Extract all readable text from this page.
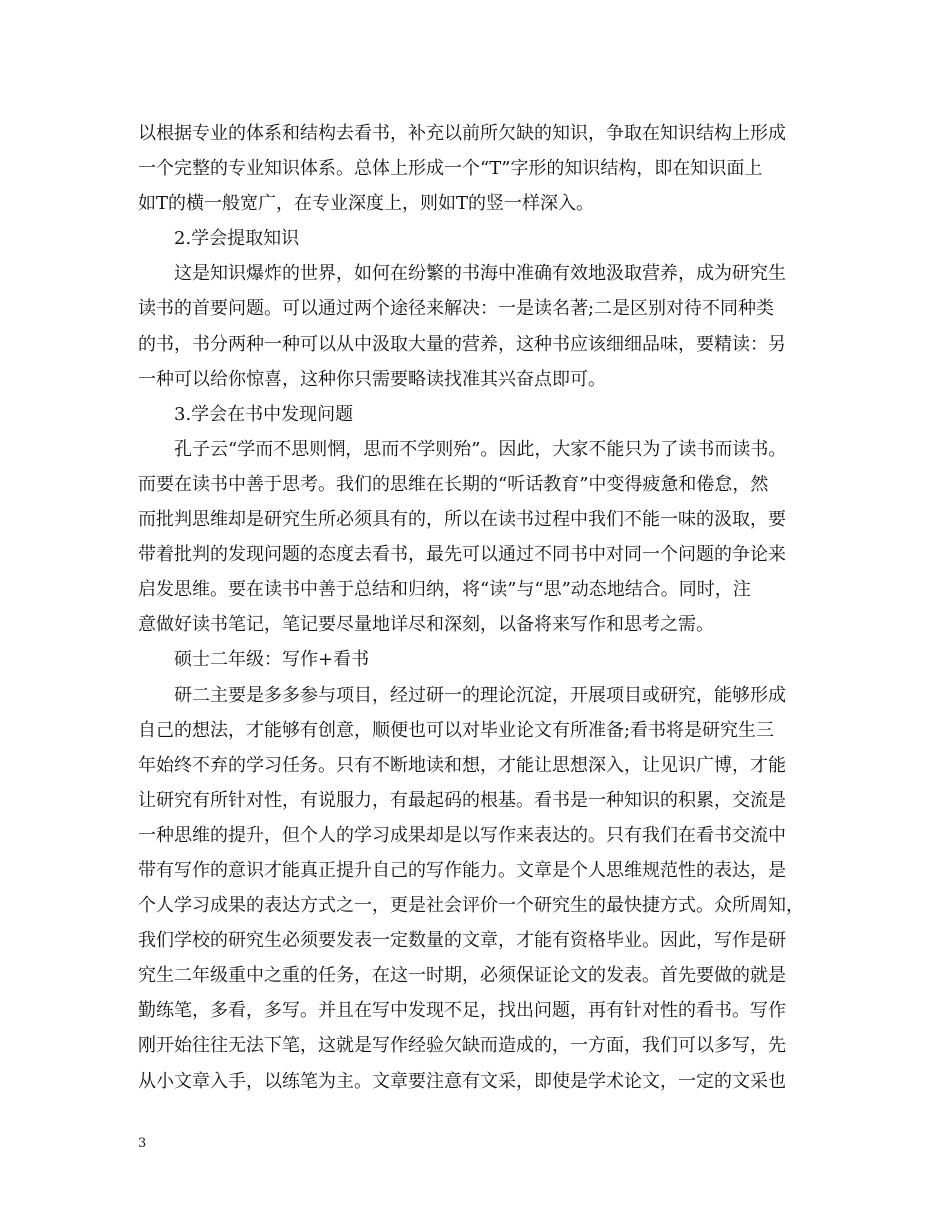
以根据专业的体系和结构去看书，补充以前所欠缺的知识，争取在知识结构上形成
一个完整的专业知识体系。总体上形成一个“T”字形的知识结构，即在知识面上
如T的横一般宽广，在专业深度上，则如T的竖一样深入。
2.学会提取知识
这是知识爆炸的世界，如何在纷繁的书海中准确有效地汲取营养，成为研究生
读书的首要问题。可以通过两个途径来解决：一是读名著;二是区别对待不同种类
的书，书分两种一种可以从中汲取大量的营养，这种书应该细细品味，要精读：另
一种可以给你惊喜，这种你只需要略读找准其兴奋点即可。
3.学会在书中发现问题
孔子云“学而不思则惘，思而不学则殆”。因此，大家不能只为了读书而读书。
而要在读书中善于思考。我们的思维在长期的“听话教育”中变得疲惫和倦怠，然
而批判思维却是研究生所必须具有的，所以在读书过程中我们不能一味的汲取，要
带着批判的发现问题的态度去看书，最先可以通过不同书中对同一个问题的争论来
启发思维。要在读书中善于总结和归纳，将“读”与“思”动态地结合。同时，注
意做好读书笔记，笔记要尽量地详尽和深刻，以备将来写作和思考之需。
硕士二年级：写作+看书
研二主要是多多参与项目，经过研一的理论沉淀，开展项目或研究，能够形成
自己的想法，才能够有创意，顺便也可以对毕业论文有所准备;看书将是研究生三
年始终不弃的学习任务。只有不断地读和想，才能让思想深入，让见识广博，才能
让研究有所针对性，有说服力，有最起码的根基。看书是一种知识的积累，交流是
一种思维的提升，但个人的学习成果却是以写作来表达的。只有我们在看书交流中
带有写作的意识才能真正提升自己的写作能力。文章是个人思维规范性的表达，是
个人学习成果的表达方式之一，更是社会评价一个研究生的最快捷方式。众所周知，
我们学校的研究生必须要发表一定数量的文章，才能有资格毕业。因此，写作是研
究生二年级重中之重的任务，在这一时期，必须保证论文的发表。首先要做的就是
勤练笔，多看，多写。并且在写中发现不足，找出问题，再有针对性的看书。写作
刚开始往往无法下笔，这就是写作经验欠缺而造成的，一方面，我们可以多写，先
从小文章入手，以练笔为主。文章要注意有文采，即使是学术论文，一定的文采也
3
